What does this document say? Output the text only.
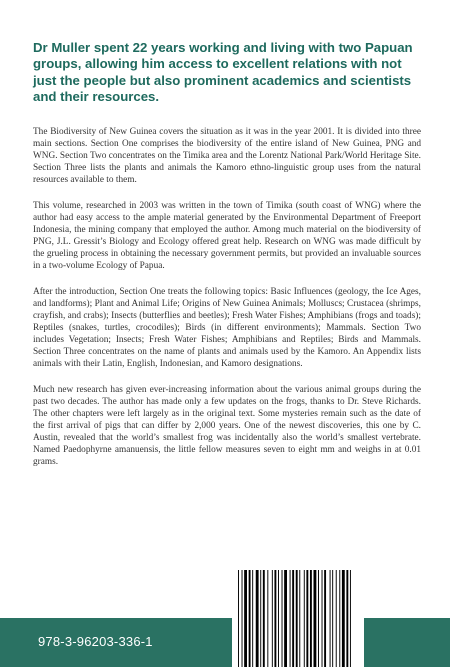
Dr Muller spent 22 years working and living with two Papuan groups, allowing him access to excellent relations with not just the people but also prominent academics and scientists and their resources.

The Biodiversity of New Guinea covers the situation as it was in the year 2001. It is divided into three main sections. Section One comprises the biodiversity of the entire island of New Guinea, PNG and WNG. Section Two concentrates on the Timika area and the Lorentz National Park/World Heritage Site. Section Three lists the plants and animals the Kamoro ethno-linguistic group uses from the natural resources available to them.

This volume, researched in 2003 was written in the town of Timika (south coast of WNG) where the author had easy access to the ample material generated by the Environmental Department of Freeport Indonesia, the mining company that employed the author. Among much material on the biodiversity of PNG, J.L. Gressit’s Biology and Ecology offered great help. Research on WNG was made difficult by the grueling process in obtaining the necessary government permits, but provided an invaluable sources in a two-volume Ecology of Papua.

After the introduction, Section One treats the following topics: Basic Influences (geology, the Ice Ages, and landforms); Plant and Animal Life; Origins of New Guinea Animals; Molluscs; Crustacea (shrimps, crayfish, and crabs); Insects (butterflies and beetles); Fresh Water Fishes; Amphibians (frogs and toads); Reptiles (snakes, turtles, crocodiles); Birds (in different environments); Mammals. Section Two includes Vegetation; Insects; Fresh Water Fishes; Amphibians and Reptiles; Birds and Mammals. Section Three concentrates on the name of plants and animals used by the Kamoro. An Appendix lists animals with their Latin, English, Indonesian, and Kamoro designations.

Much new research has given ever-increasing information about the various animal groups during the past two decades. The author has made only a few updates on the frogs, thanks to Dr. Steve Richards. The other chapters were left largely as in the original text. Some mysteries remain such as the date of the first arrival of pigs that can differ by 2,000 years. One of the newest discoveries, this one by C. Austin, revealed that the world’s smallest frog was incidentally also the world’s smallest vertebrate. Named Paedophyrne amanuensis, the little fellow measures seven to eight mm and weighs in at 0.01 grams.

978-3-96203-336-1
